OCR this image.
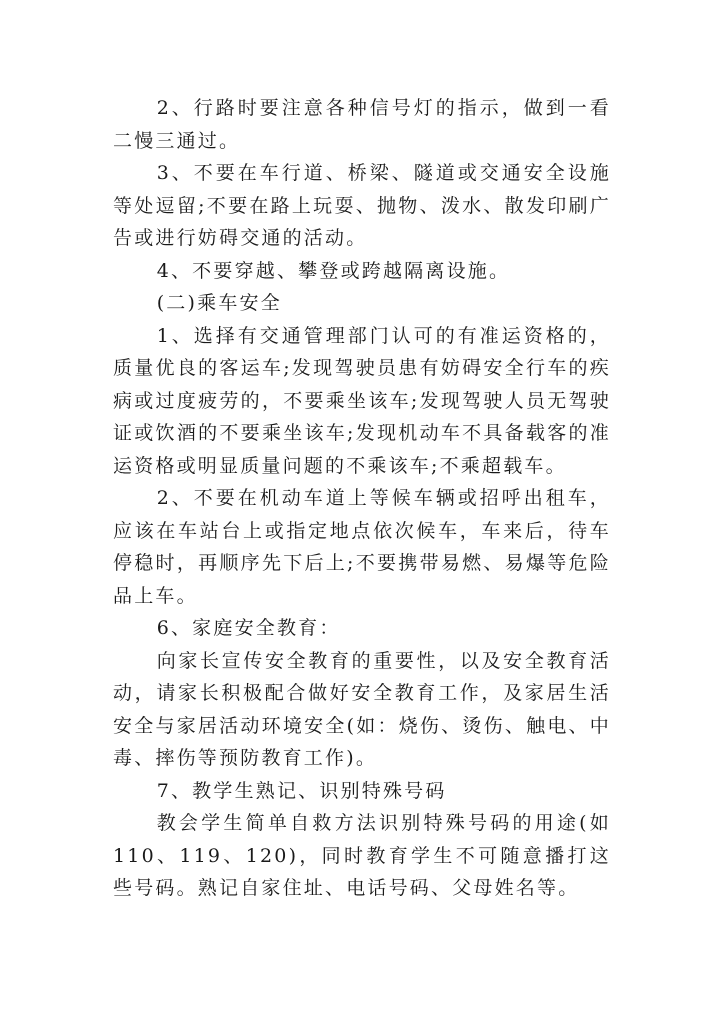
2、行路时要注意各种信号灯的指示，做到一看二慢三通过。

3、不要在车行道、桥梁、隧道或交通安全设施等处逗留;不要在路上玩耍、抛物、泼水、散发印刷广告或进行妨碍交通的活动。

4、不要穿越、攀登或跨越隔离设施。

(二)乘车安全

1、选择有交通管理部门认可的有准运资格的，质量优良的客运车;发现驾驶员患有妨碍安全行车的疾病或过度疲劳的，不要乘坐该车;发现驾驶人员无驾驶证或饮酒的不要乘坐该车;发现机动车不具备载客的准运资格或明显质量问题的不乘该车;不乘超载车。

2、不要在机动车道上等候车辆或招呼出租车，应该在车站台上或指定地点依次候车，车来后，待车停稳时，再顺序先下后上;不要携带易燃、易爆等危险品上车。

6、家庭安全教育：

向家长宣传安全教育的重要性，以及安全教育活动，请家长积极配合做好安全教育工作，及家居生活安全与家居活动环境安全(如：烧伤、烫伤、触电、中毒、摔伤等预防教育工作)。

7、教学生熟记、识别特殊号码

教会学生简单自救方法识别特殊号码的用途(如110、119、120)，同时教育学生不可随意播打这些号码。熟记自家住址、电话号码、父母姓名等。
